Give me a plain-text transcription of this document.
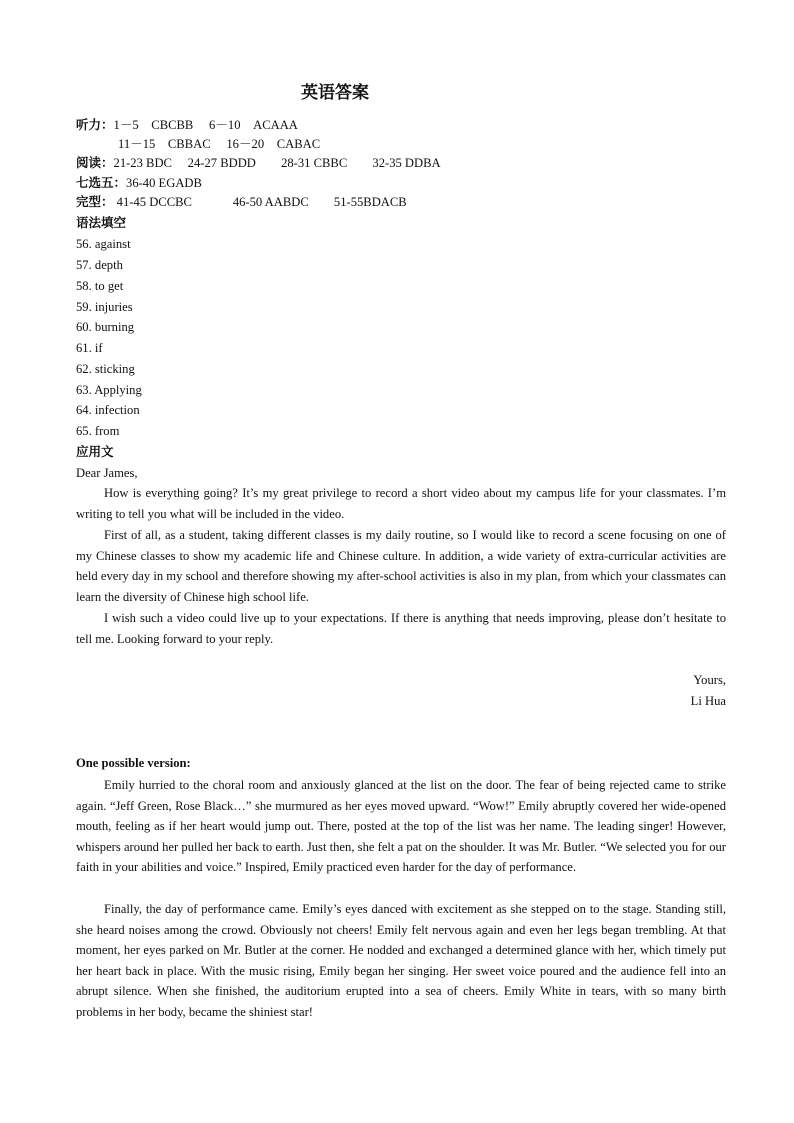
英语答案
听力：1－5　CBCBB　 6－10　ACAAA
11－15　CBBAC　 16－20　CABAC
阅读：21-23 BDC　 24-27 BDDD　　28-31 CBBC　　32-35 DDBA
七选五：36-40 EGADB
完型： 41-45 DCCBC　　　 46-50 AABDC　　51-55BDACB
语法填空
56. against
57. depth
58. to get
59. injuries
60. burning
61. if
62. sticking
63. Applying
64. infection
65. from
应用文
Dear James,
How is everything going? It’s my great privilege to record a short video about my campus life for your classmates. I’m writing to tell you what will be included in the video.
First of all, as a student, taking different classes is my daily routine, so I would like to record a scene focusing on one of my Chinese classes to show my academic life and Chinese culture. In addition, a wide variety of extra-curricular activities are held every day in my school and therefore showing my after-school activities is also in my plan, from which your classmates can learn the diversity of Chinese high school life.
I wish such a video could live up to your expectations. If there is anything that needs improving, please don’t hesitate to tell me. Looking forward to your reply.
Yours,
Li Hua
One possible version:
Emily hurried to the choral room and anxiously glanced at the list on the door. The fear of being rejected came to strike again. “Jeff Green, Rose Black…” she murmured as her eyes moved upward. “Wow!” Emily abruptly covered her wide-opened mouth, feeling as if her heart would jump out. There, posted at the top of the list was her name. The leading singer! However, whispers around her pulled her back to earth. Just then, she felt a pat on the shoulder. It was Mr. Butler. “We selected you for our faith in your abilities and voice.” Inspired, Emily practiced even harder for the day of performance.
Finally, the day of performance came. Emily’s eyes danced with excitement as she stepped on to the stage. Standing still, she heard noises among the crowd. Obviously not cheers! Emily felt nervous again and even her legs began trembling. At that moment, her eyes parked on Mr. Butler at the corner. He nodded and exchanged a determined glance with her, which timely put her heart back in place. With the music rising, Emily began her singing. Her sweet voice poured and the audience fell into an abrupt silence. When she finished, the auditorium erupted into a sea of cheers. Emily White in tears, with so many birth problems in her body, became the shiniest star!
